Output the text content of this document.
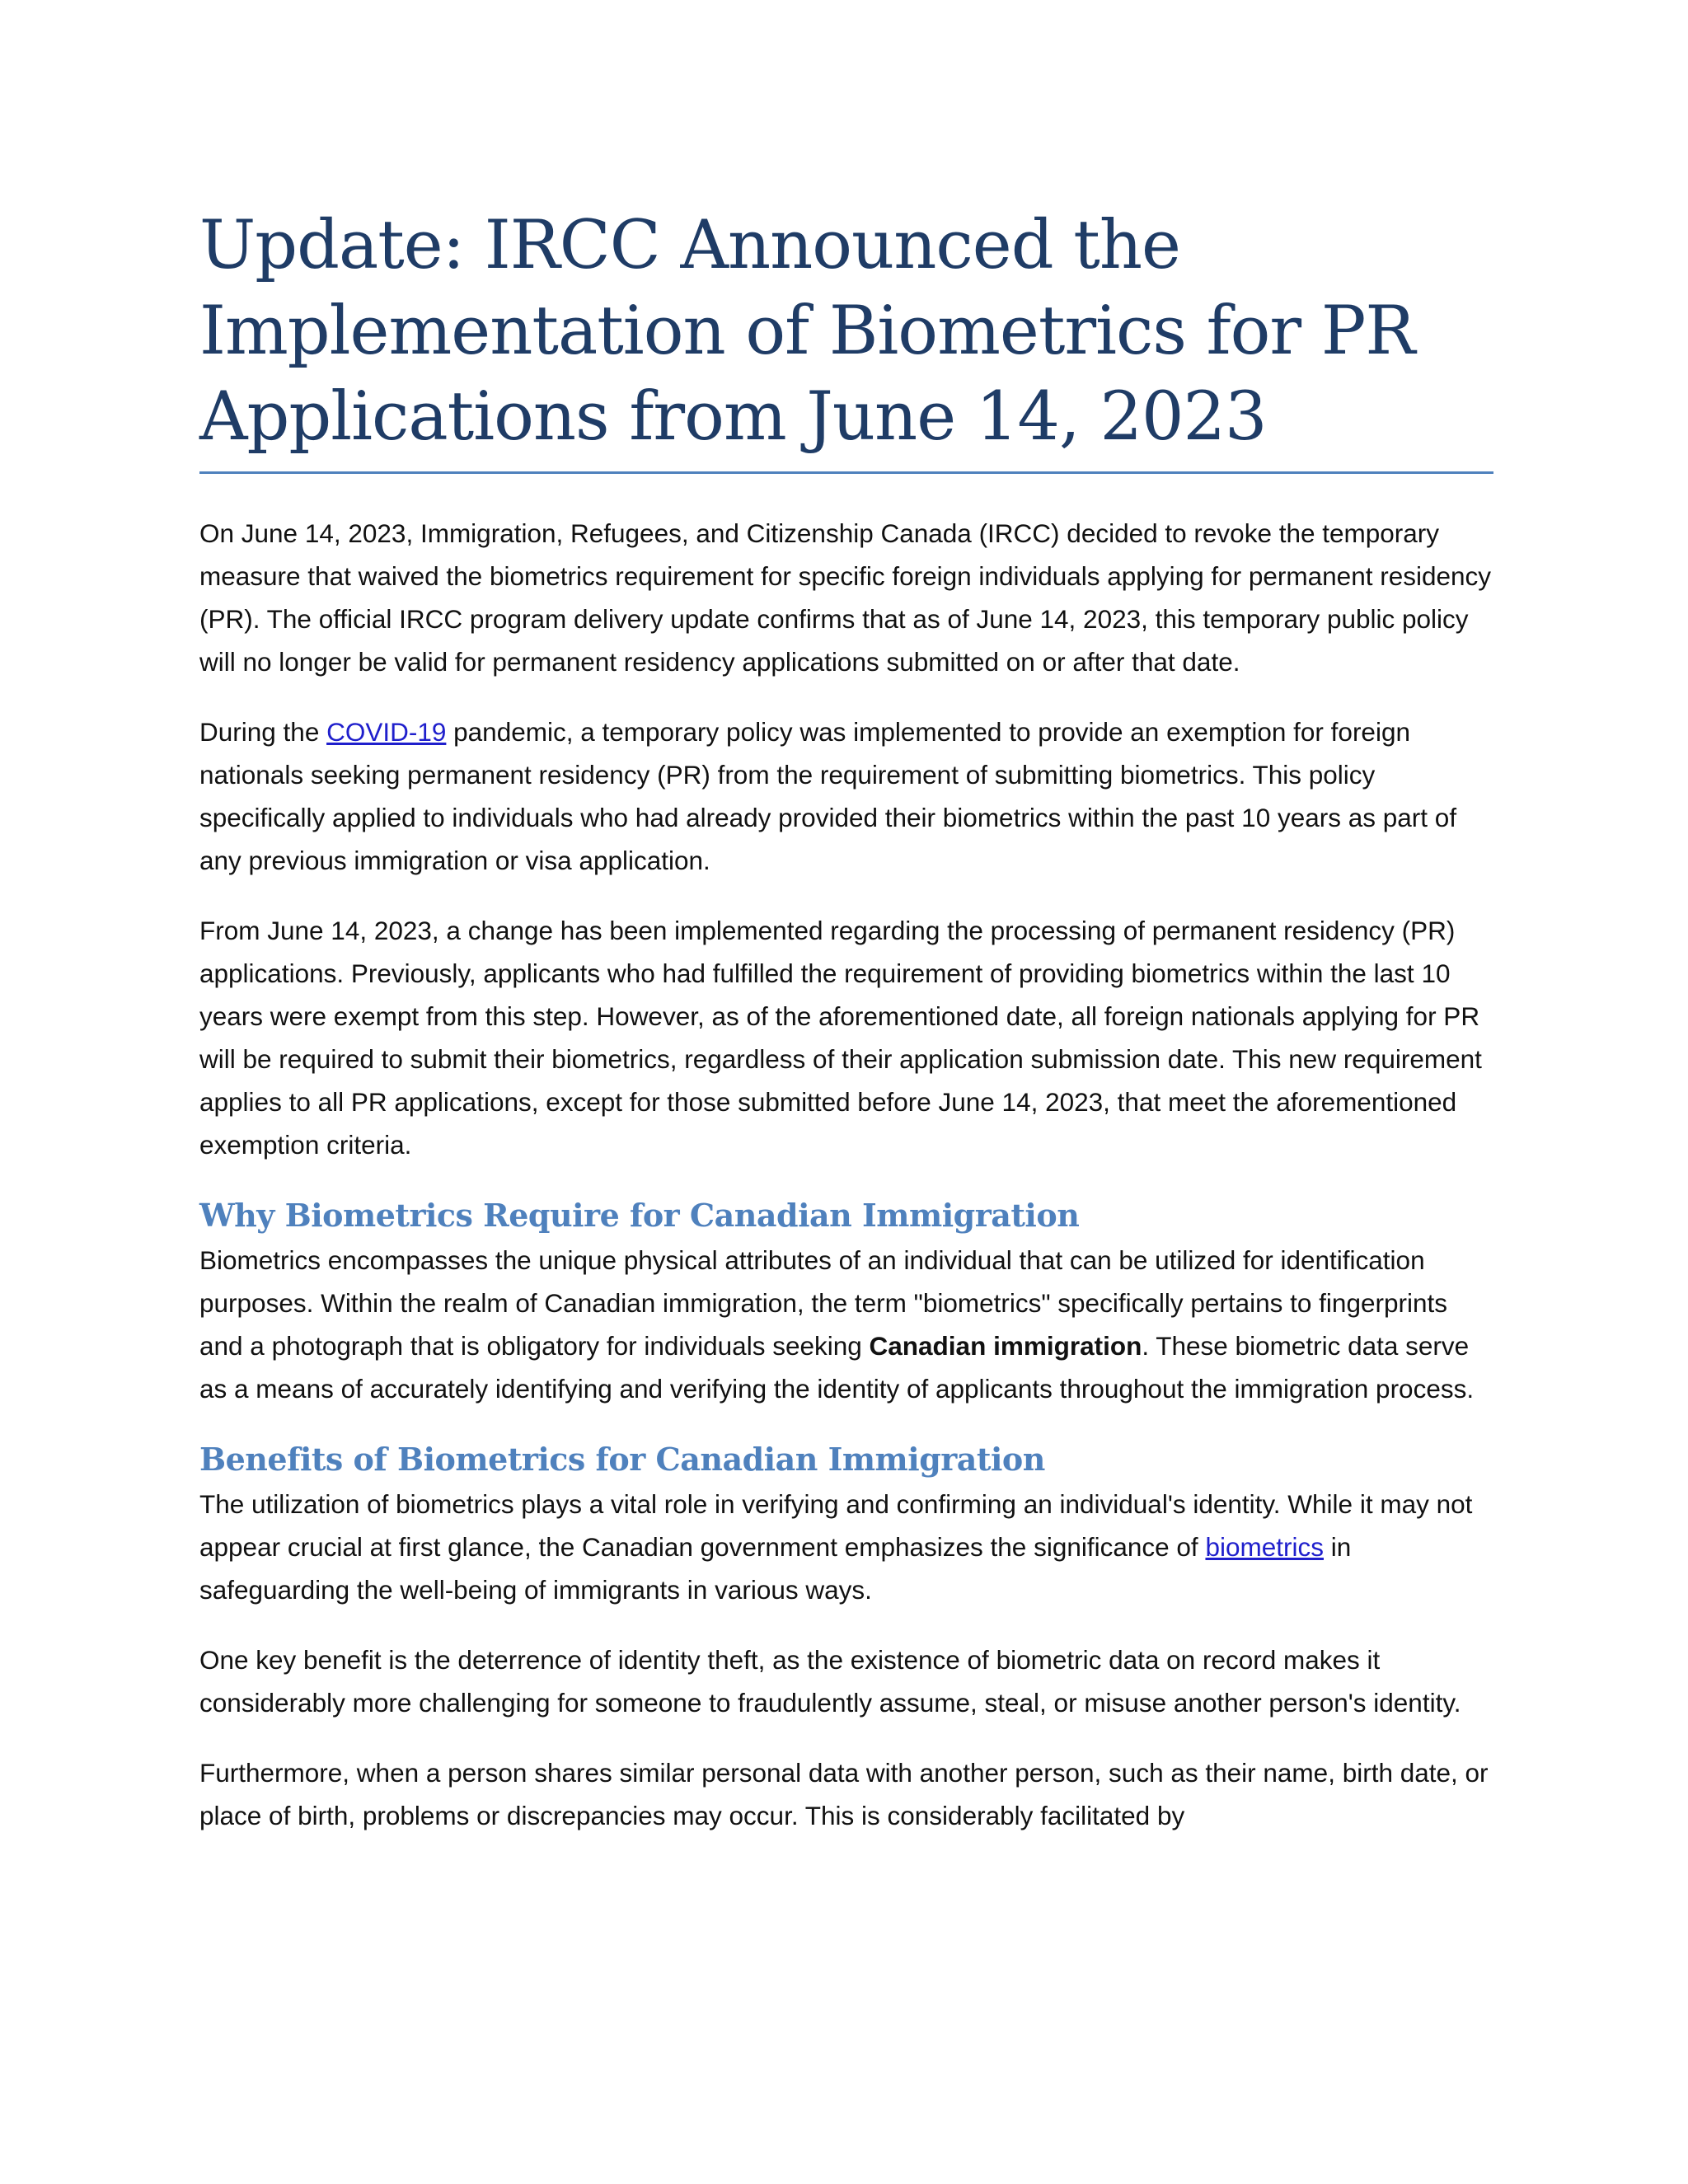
Update: IRCC Announced the Implementation of Biometrics for PR Applications from June 14, 2023

On June 14, 2023, Immigration, Refugees, and Citizenship Canada (IRCC) decided to revoke the temporary measure that waived the biometrics requirement for specific foreign individuals applying for permanent residency (PR). The official IRCC program delivery update confirms that as of June 14, 2023, this temporary public policy will no longer be valid for permanent residency applications submitted on or after that date.

During the COVID-19 pandemic, a temporary policy was implemented to provide an exemption for foreign nationals seeking permanent residency (PR) from the requirement of submitting biometrics. This policy specifically applied to individuals who had already provided their biometrics within the past 10 years as part of any previous immigration or visa application.

From June 14, 2023, a change has been implemented regarding the processing of permanent residency (PR) applications. Previously, applicants who had fulfilled the requirement of providing biometrics within the last 10 years were exempt from this step. However, as of the aforementioned date, all foreign nationals applying for PR will be required to submit their biometrics, regardless of their application submission date. This new requirement applies to all PR applications, except for those submitted before June 14, 2023, that meet the aforementioned exemption criteria.

Why Biometrics Require for Canadian Immigration

Biometrics encompasses the unique physical attributes of an individual that can be utilized for identification purposes. Within the realm of Canadian immigration, the term "biometrics" specifically pertains to fingerprints and a photograph that is obligatory for individuals seeking Canadian immigration. These biometric data serve as a means of accurately identifying and verifying the identity of applicants throughout the immigration process.

Benefits of Biometrics for Canadian Immigration

The utilization of biometrics plays a vital role in verifying and confirming an individual's identity. While it may not appear crucial at first glance, the Canadian government emphasizes the significance of biometrics in safeguarding the well-being of immigrants in various ways.

One key benefit is the deterrence of identity theft, as the existence of biometric data on record makes it considerably more challenging for someone to fraudulently assume, steal, or misuse another person's identity.

Furthermore, when a person shares similar personal data with another person, such as their name, birth date, or place of birth, problems or discrepancies may occur. This is considerably facilitated by
